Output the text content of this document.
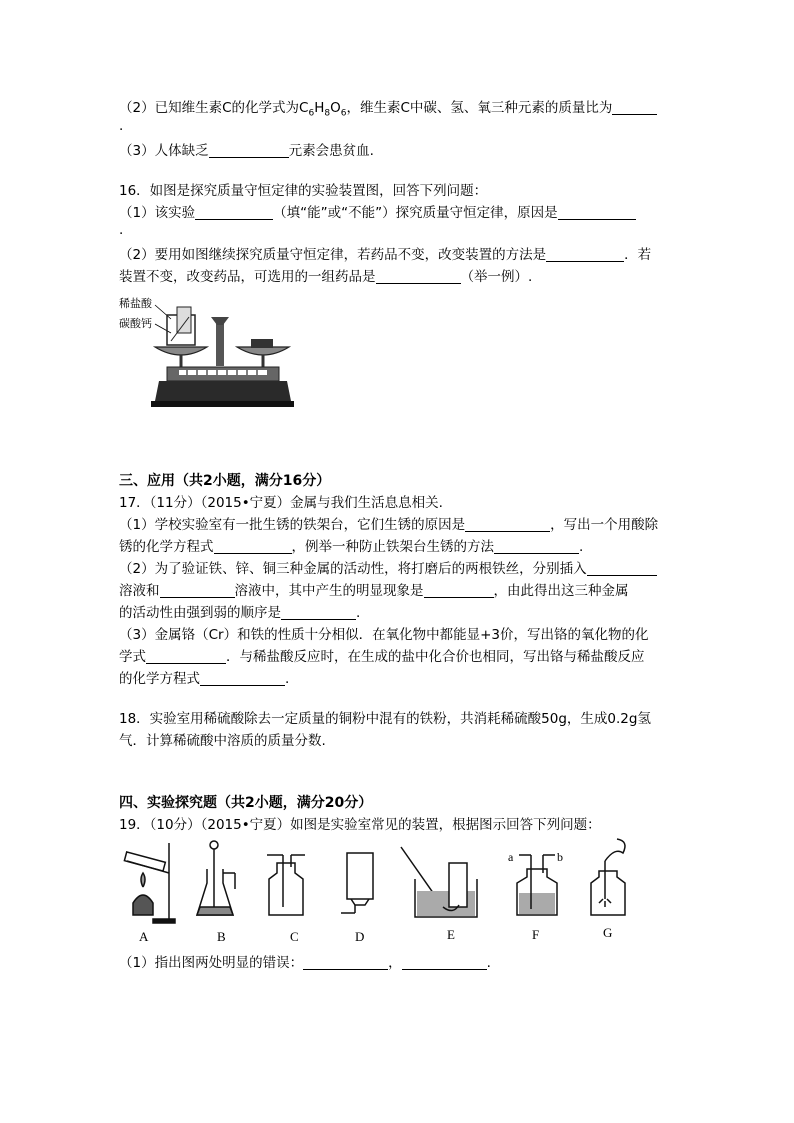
（2）已知维生素C的化学式为$C_6H_8O_6$，维生素C中碳、氢、氧三种元素的质量比为
.
（3）人体缺乏	元素会患贫血.
16．如图是探究质量守恒定律的实验装置图，回答下列问题：
（1）该实验	（填“能”或“不能”）探究质量守恒定律，原因是
.
（2）要用如图继续探究质量守恒定律，若药品不变，改变装置的方法是	．若
装置不变，改变药品，可选用的一组药品是	（举一例）.
稀盐酸
碳酸钙
三、应用（共2小题，满分16分）
17．（11分）（2015•宁夏）金属与我们生活息息相关.
（1）学校实验室有一批生锈的铁架台，它们生锈的原因是	，写出一个用酸除
锈的化学方程式	，例举一种防止铁架台生锈的方法	.
（2）为了验证铁、锌、铜三种金属的活动性，将打磨后的两根铁丝，分别插入
溶液和	溶液中，其中产生的明显现象是	，由此得出这三种金属
的活动性由强到弱的顺序是	.
（3）金属铬（Cr）和铁的性质十分相似．在氧化物中都能显+3价，写出铬的氧化物的化
学式	．与稀盐酸反应时，在生成的盐中化合价也相同，写出铬与稀盐酸反应
的化学方程式	.
18．实验室用稀硫酸除去一定质量的铜粉中混有的铁粉，共消耗稀硫酸50g，生成0.2g氢
气．计算稀硫酸中溶质的质量分数.
四、实验探究题（共2小题，满分20分）
19．（10分）（2015•宁夏）如图是实验室常见的装置，根据图示回答下列问题：
a	b
A	B	C	D	E	F	G
（1）指出图两处明显的错误：	，	.
